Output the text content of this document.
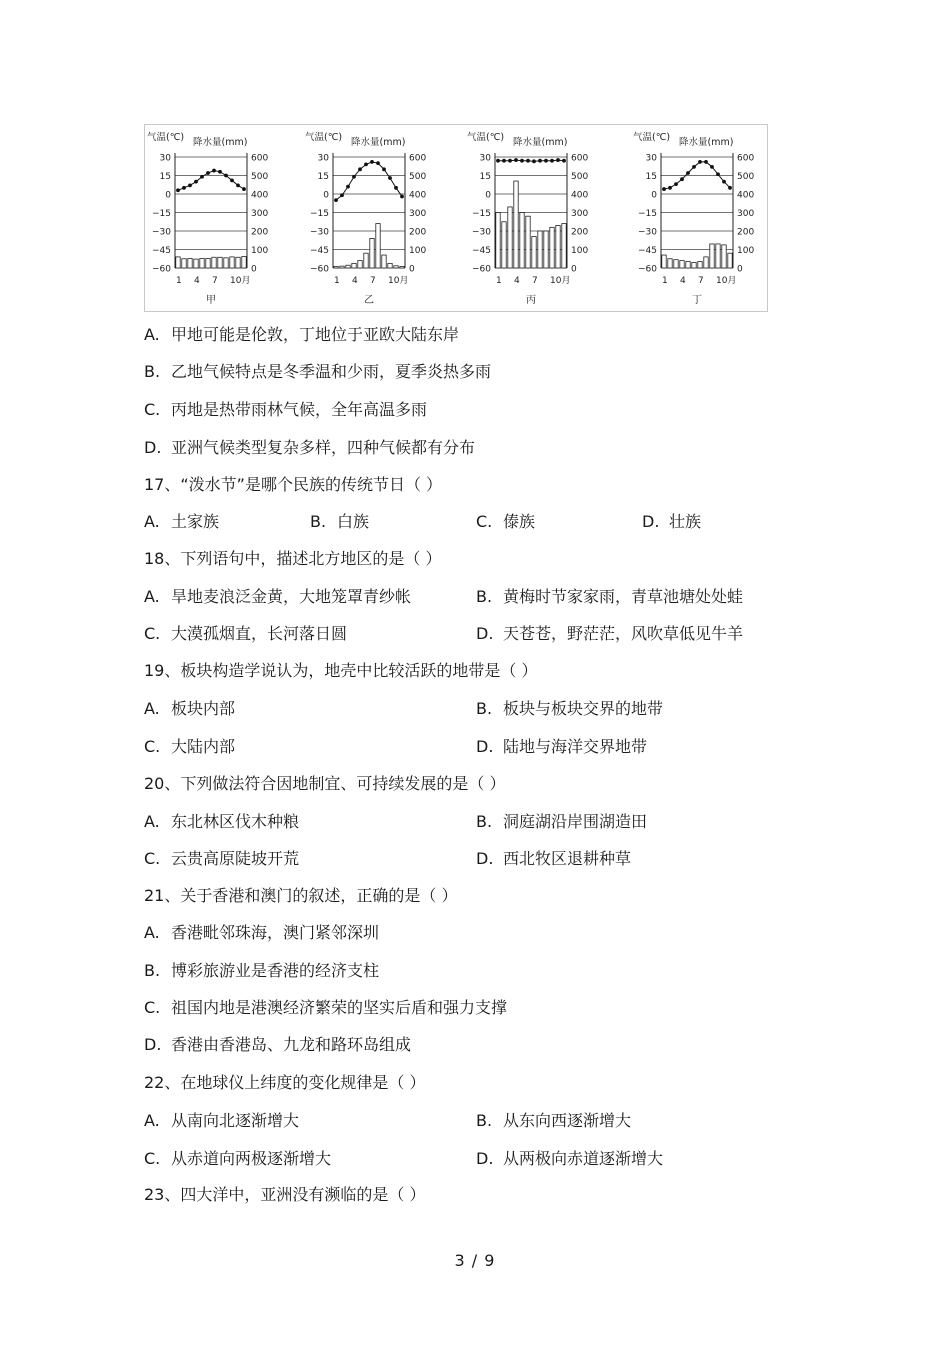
气温(℃) 降水量(mm)
30
15
0
−15
−30
−45
−60
600
500
400
300
200
100
0
1 4 7 10月
甲
气温(℃) 降水量(mm)
30
15
0
−15
−30
−45
−60
600
500
400
300
200
100
0
1 4 7 10月
乙
气温(℃) 降水量(mm)
30
15
0
−15
−30
−45
−60
600
500
400
300
200
100
0
1 4 7 10月
丙
气温(℃) 降水量(mm)
30
15
0
−15
−30
−45
−60
600
500
400
300
200
100
0
1 4 7 10月
丁
A. 甲地可能是伦敦，丁地位于亚欧大陆东岸
B. 乙地气候特点是冬季温和少雨，夏季炎热多雨
C. 丙地是热带雨林气候，全年高温多雨
D. 亚洲气候类型复杂多样，四种气候都有分布
17、“泼水节”是哪个民族的传统节日（ ）
18、下列语句中，描述北方地区的是（ ）
19、板块构造学说认为，地壳中比较活跃的地带是（ ）
20、下列做法符合因地制宜、可持续发展的是（ ）
21、关于香港和澳门的叙述，正确的是（ ）
A. 香港毗邻珠海，澳门紧邻深圳
B. 博彩旅游业是香港的经济支柱
C. 祖国内地是港澳经济繁荣的坚实后盾和强力支撑
D. 香港由香港岛、九龙和路环岛组成
22、在地球仪上纬度的变化规律是（ ）
23、四大洋中，亚洲没有濒临的是（ ）
A. 土家族	B. 白族	C. 傣族	D. 壮族
A. 旱地麦浪泛金黄，大地笼罩青纱帐	B. 黄梅时节家家雨，青草池塘处处蛙
C. 大漠孤烟直，长河落日圆	D. 天苍苍，野茫茫，风吹草低见牛羊
A. 板块内部	B. 板块与板块交界的地带
C. 大陆内部	D. 陆地与海洋交界地带
A. 东北林区伐木种粮	B. 洞庭湖沿岸围湖造田
C. 云贵高原陡坡开荒	D. 西北牧区退耕种草
A. 从南向北逐渐增大	B. 从东向西逐渐增大
C. 从赤道向两极逐渐增大	D. 从两极向赤道逐渐增大
3 / 9
